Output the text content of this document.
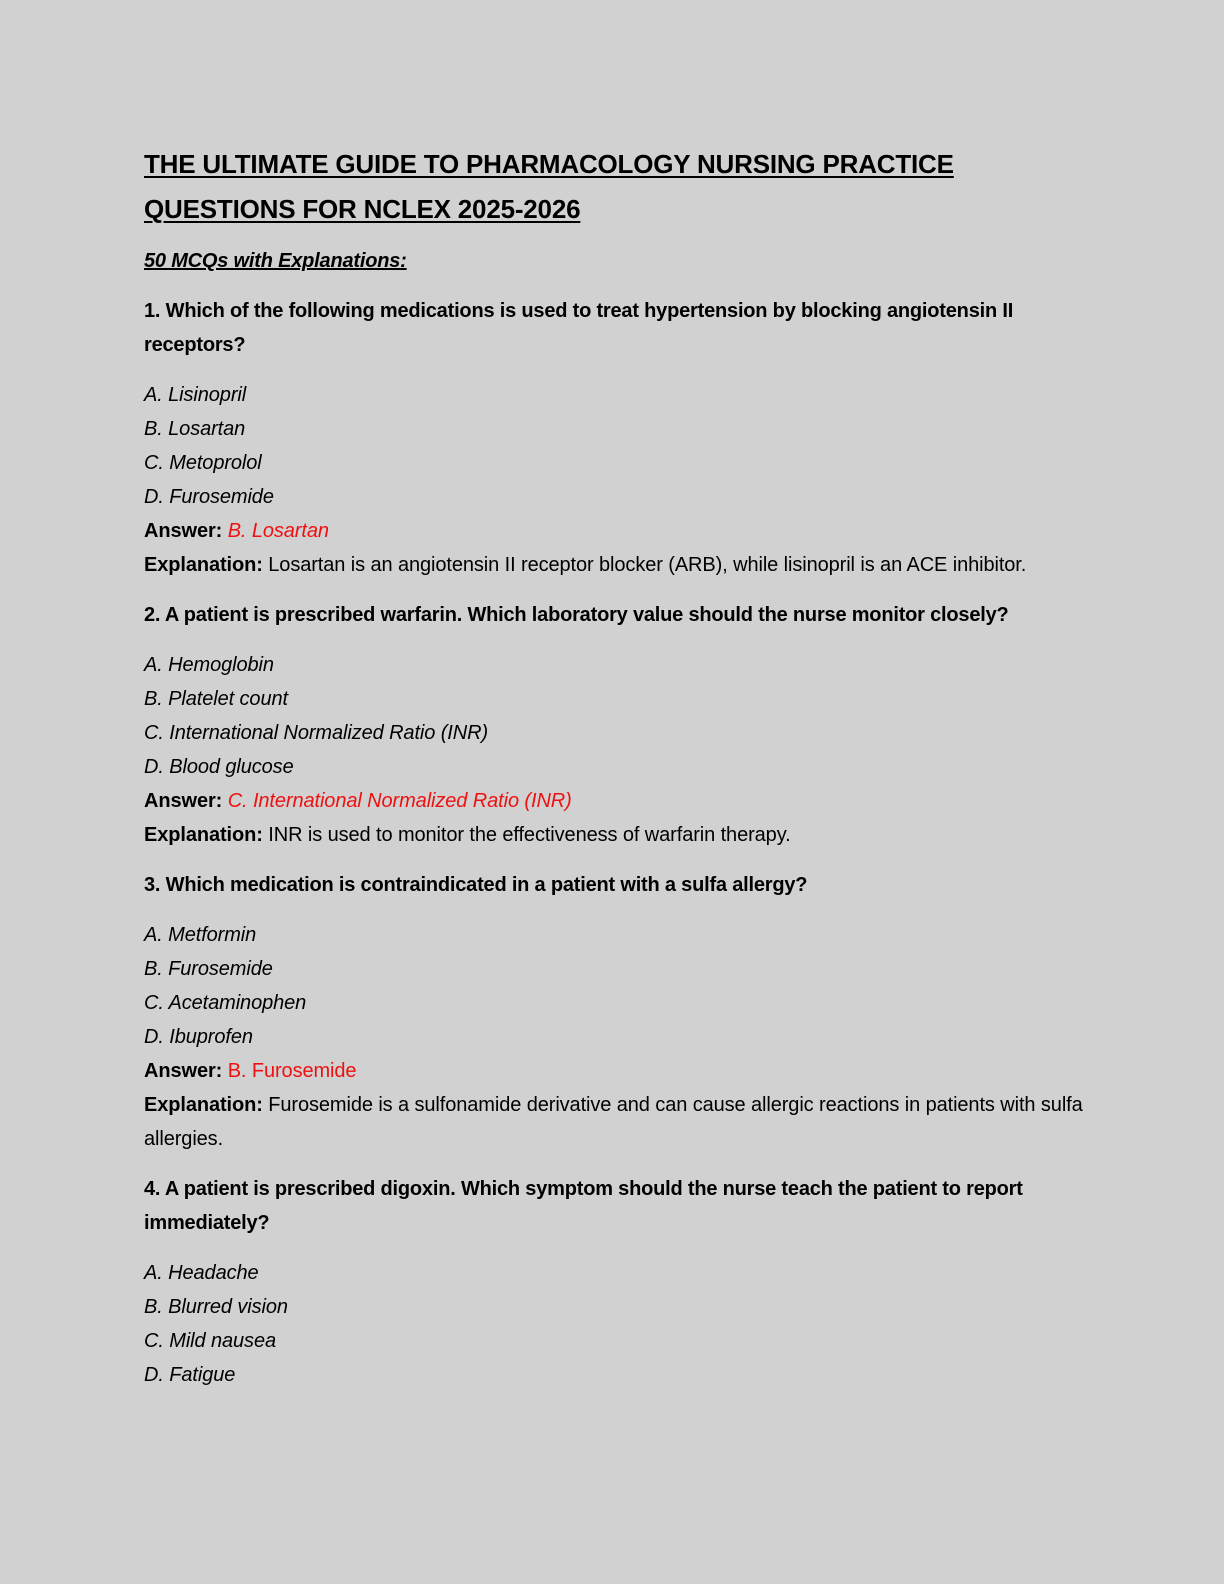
THE ULTIMATE GUIDE TO PHARMACOLOGY NURSING PRACTICE
QUESTIONS FOR NCLEX 2025-2026
50 MCQs with Explanations:
1. Which of the following medications is used to treat hypertension by blocking angiotensin II receptors?
A. Lisinopril
B. Losartan
C. Metoprolol
D. Furosemide
Answer: B. Losartan
Explanation: Losartan is an angiotensin II receptor blocker (ARB), while lisinopril is an ACE inhibitor.
2. A patient is prescribed warfarin. Which laboratory value should the nurse monitor closely?
A. Hemoglobin
B. Platelet count
C. International Normalized Ratio (INR)
D. Blood glucose
Answer: C. International Normalized Ratio (INR)
Explanation: INR is used to monitor the effectiveness of warfarin therapy.
3. Which medication is contraindicated in a patient with a sulfa allergy?
A. Metformin
B. Furosemide
C. Acetaminophen
D. Ibuprofen
Answer: B. Furosemide
Explanation: Furosemide is a sulfonamide derivative and can cause allergic reactions in patients with sulfa allergies.
4. A patient is prescribed digoxin. Which symptom should the nurse teach the patient to report immediately?
A. Headache
B. Blurred vision
C. Mild nausea
D. Fatigue
